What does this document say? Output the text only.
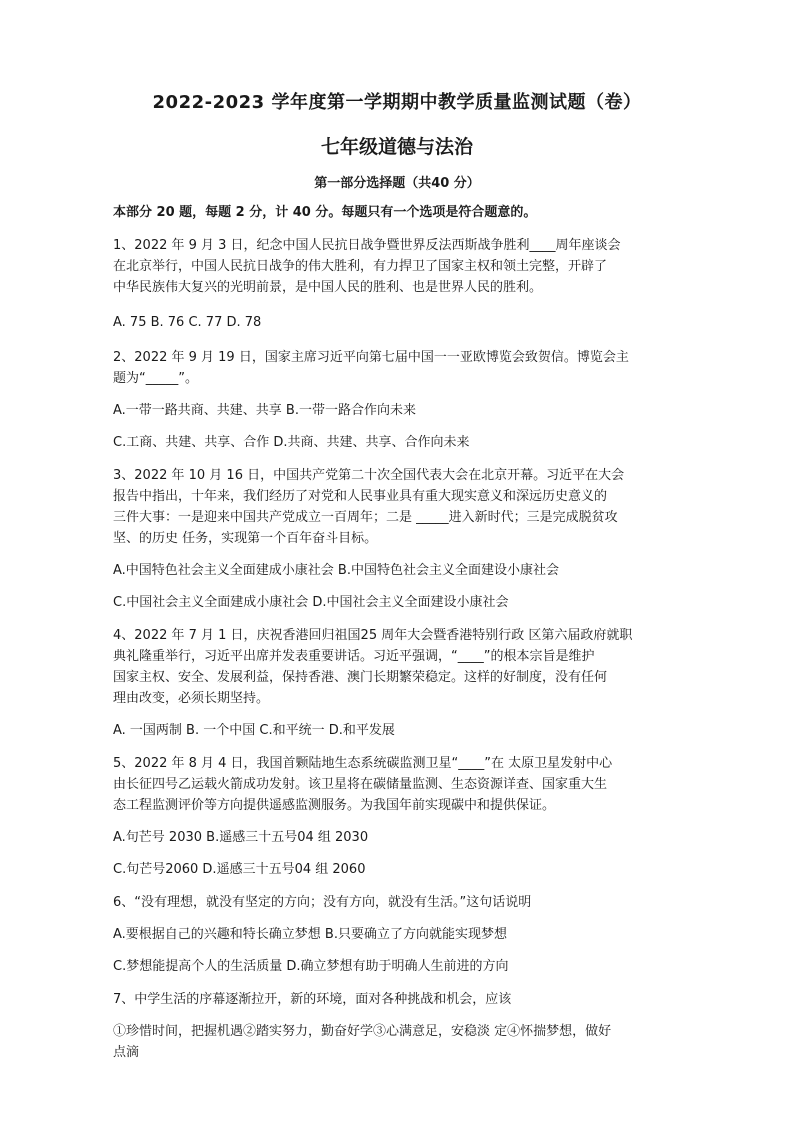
2022-2023 学年度第一学期期中教学质量监测试题（卷）
七年级道德与法治
第一部分选择题（共40 分）

本部分 20 题，每题 2 分，计 40 分。每题只有一个选项是符合题意的。

1、2022 年 9 月 3 日，纪念中国人民抗日战争暨世界反法西斯战争胜利____周年座谈会

在北京举行，中国人民抗日战争的伟大胜利，有力捍卫了国家主权和领土完整，开辟了

中华民族伟大复兴的光明前景，是中国人民的胜利、也是世界人民的胜利。

A. 75 B. 76 C. 77 D. 78

2、2022 年 9 月 19 日，国家主席习近平向第七届中国一一亚欧博览会致贺信。博览会主

题为“_____”。

A.一带一路共商、共建、共享 B.一带一路合作向未来

C.工商、共建、共享、合作 D.共商、共建、共享、合作向未来

3、2022 年 10 月 16 日，中国共产党第二十次全国代表大会在北京开幕。习近平在大会

报告中指出，十年来，我们经历了对党和人民事业具有重大现实意义和深远历史意义的

三件大事：一是迎来中国共产党成立一百周年；二是 _____进入新时代；三是完成脱贫攻

坚、的历史 任务，实现第一个百年奋斗目标。

A.中国特色社会主义全面建成小康社会 B.中国特色社会主义全面建设小康社会

C.中国社会主义全面建成小康社会 D.中国社会主义全面建设小康社会

4、2022 年 7 月 1 日，庆祝香港回归祖国25 周年大会暨香港特别行政 区第六届政府就职

典礼隆重举行，习近平出席并发表重要讲话。习近平强调，“____”的根本宗旨是维护

国家主权、安全、发展利益，保持香港、澳门长期繁荣稳定。这样的好制度，没有任何

理由改变，必须长期坚持。

A. 一国两制 B. 一个中国 C.和平统一 D.和平发展

5、2022 年 8 月 4 日，我国首颗陆地生态系统碳监测卫星“____”在 太原卫星发射中心

由长征四号乙运载火箭成功发射。该卫星将在碳储量监测、生态资源详查、国家重大生

态工程监测评价等方向提供遥感监测服务。为我国年前实现碳中和提供保证。

A.句芒号 2030 B.遥感三十五号04 组 2030

C.句芒号2060 D.遥感三十五号04 组 2060

6、“没有理想，就没有坚定的方向；没有方向，就没有生活。”这句话说明

A.要根据自己的兴趣和特长确立梦想 B.只要确立了方向就能实现梦想

C.梦想能提高个人的生活质量 D.确立梦想有助于明确人生前进的方向

7、中学生活的序幕逐渐拉开，新的环境，面对各种挑战和机会，应该

①珍惜时间，把握机遇②踏实努力，勤奋好学③心满意足，安稳淡 定④怀揣梦想，做好

点滴
